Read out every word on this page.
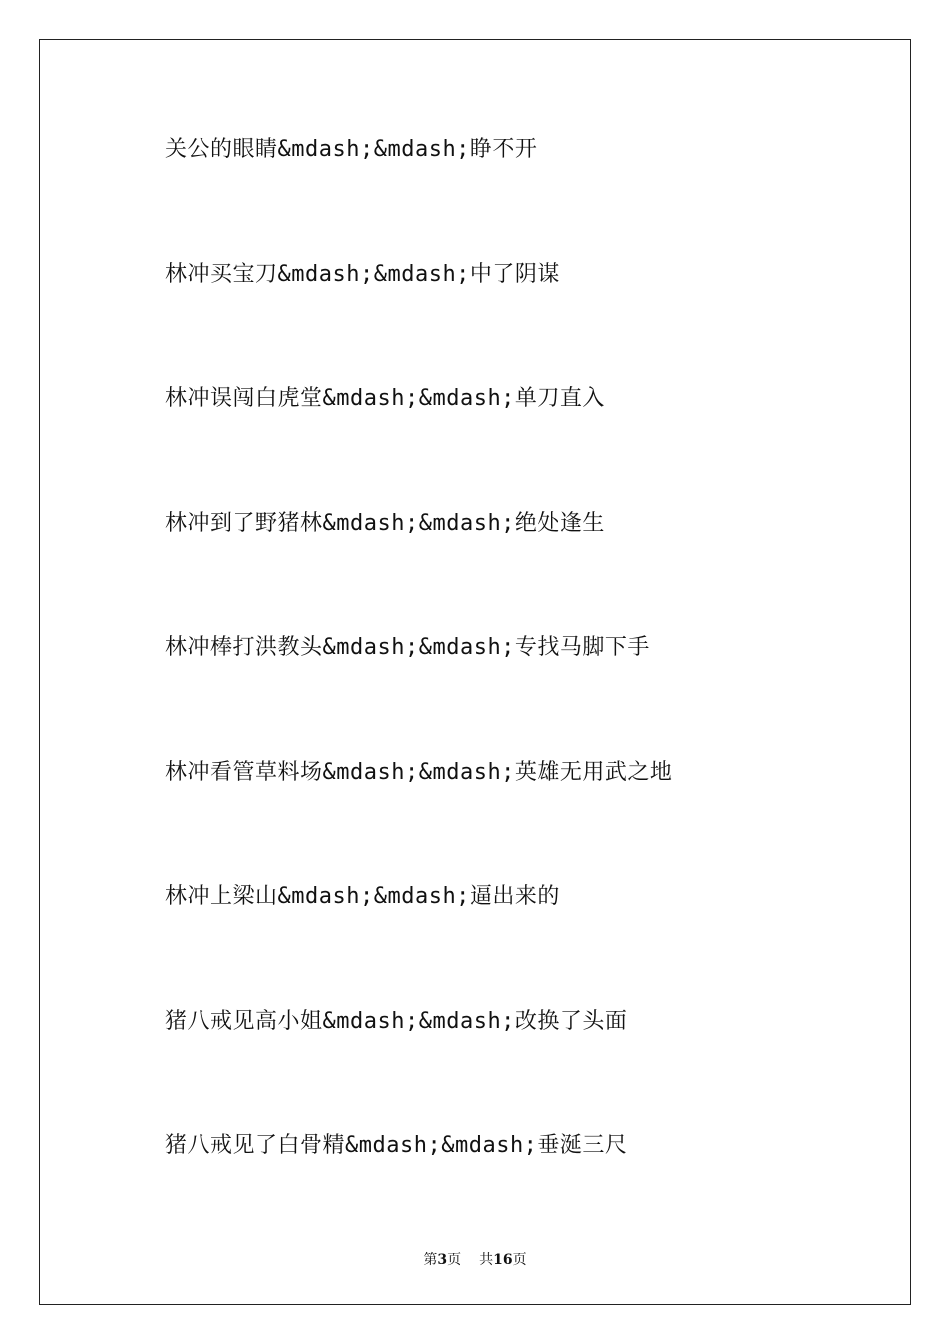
关公的眼睛&mdash;&mdash;睁不开
林冲买宝刀&mdash;&mdash;中了阴谋
林冲误闯白虎堂&mdash;&mdash;单刀直入
林冲到了野猪林&mdash;&mdash;绝处逢生
林冲棒打洪教头&mdash;&mdash;专找马脚下手
林冲看管草料场&mdash;&mdash;英雄无用武之地
林冲上梁山&mdash;&mdash;逼出来的
猪八戒见高小姐&mdash;&mdash;改换了头面
猪八戒见了白骨精&mdash;&mdash;垂涎三尺
第3页 共16页
